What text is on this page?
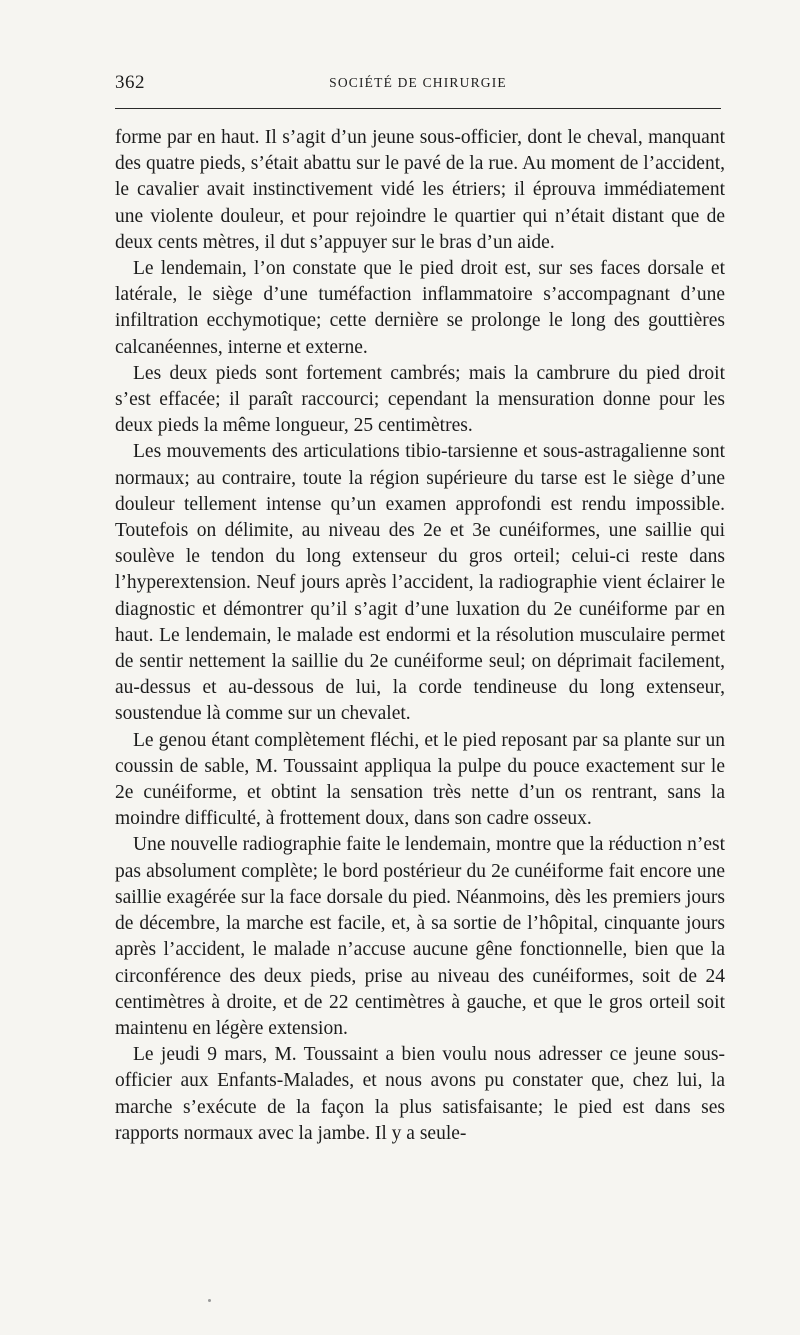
362	SOCIÉTÉ DE CHIRURGIE

forme par en haut. Il s’agit d’un jeune sous-officier, dont le cheval, manquant des quatre pieds, s’était abattu sur le pavé de la rue. Au moment de l’accident, le cavalier avait instinctivement vidé les étriers; il éprouva immédiatement une violente douleur, et pour rejoindre le quartier qui n’était distant que de deux cents mètres, il dut s’appuyer sur le bras d’un aide.

Le lendemain, l’on constate que le pied droit est, sur ses faces dorsale et latérale, le siège d’une tuméfaction inflammatoire s’accompagnant d’une infiltration ecchymotique; cette dernière se prolonge le long des gouttières calcanéennes, interne et externe.

Les deux pieds sont fortement cambrés; mais la cambrure du pied droit s’est effacée; il paraît raccourci; cependant la mensuration donne pour les deux pieds la même longueur, 25 centimètres.

Les mouvements des articulations tibio-tarsienne et sous-astragalienne sont normaux; au contraire, toute la région supérieure du tarse est le siège d’une douleur tellement intense qu’un examen approfondi est rendu impossible. Toutefois on délimite, au niveau des 2e et 3e cunéiformes, une saillie qui soulève le tendon du long extenseur du gros orteil; celui-ci reste dans l’hyperextension. Neuf jours après l’accident, la radiographie vient éclairer le diagnostic et démontrer qu’il s’agit d’une luxation du 2e cunéiforme par en haut. Le lendemain, le malade est endormi et la résolution musculaire permet de sentir nettement la saillie du 2e cunéiforme seul; on déprimait facilement, au-dessus et au-dessous de lui, la corde tendineuse du long extenseur, soustendue là comme sur un chevalet.

Le genou étant complètement fléchi, et le pied reposant par sa plante sur un coussin de sable, M. Toussaint appliqua la pulpe du pouce exactement sur le 2e cunéiforme, et obtint la sensation très nette d’un os rentrant, sans la moindre difficulté, à frottement doux, dans son cadre osseux.

Une nouvelle radiographie faite le lendemain, montre que la réduction n’est pas absolument complète; le bord postérieur du 2e cunéiforme fait encore une saillie exagérée sur la face dorsale du pied. Néanmoins, dès les premiers jours de décembre, la marche est facile, et, à sa sortie de l’hôpital, cinquante jours après l’accident, le malade n’accuse aucune gêne fonctionnelle, bien que la circonférence des deux pieds, prise au niveau des cunéiformes, soit de 24 centimètres à droite, et de 22 centimètres à gauche, et que le gros orteil soit maintenu en légère extension.

Le jeudi 9 mars, M. Toussaint a bien voulu nous adresser ce jeune sous-officier aux Enfants-Malades, et nous avons pu constater que, chez lui, la marche s’exécute de la façon la plus satisfaisante; le pied est dans ses rapports normaux avec la jambe. Il y a seule-
